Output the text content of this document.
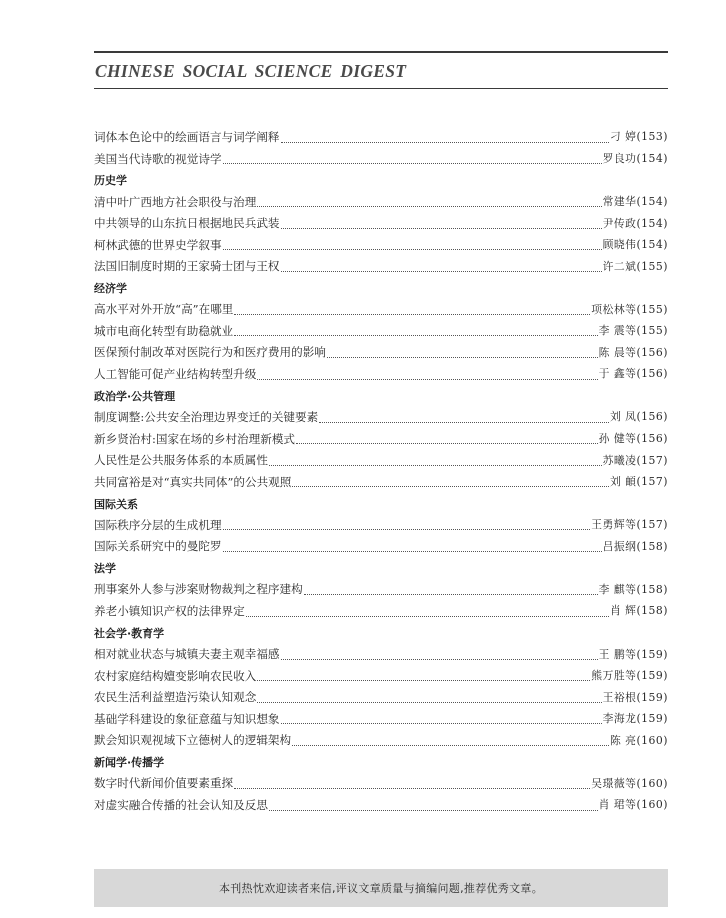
CHINESE SOCIAL SCIENCE DIGEST
词体本色论中的绘画语言与词学阐释	刁 婷(153)
美国当代诗歌的视觉诗学	罗良功(154)
历史学
清中叶广西地方社会职役与治理	常建华(154)
中共领导的山东抗日根据地民兵武装	尹传政(154)
柯林武德的世界史学叙事	顾晓伟(154)
法国旧制度时期的王家骑士团与王权	许二斌(155)
经济学
高水平对外开放“高”在哪里	项松林等(155)
城市电商化转型有助稳就业	李 震等(155)
医保预付制改革对医院行为和医疗费用的影响	陈 晨等(156)
人工智能可促产业结构转型升级	于 鑫等(156)
政治学·公共管理
制度调整:公共安全治理边界变迁的关键要素	刘 凤(156)
新乡贤治村:国家在场的乡村治理新模式	孙 健等(156)
人民性是公共服务体系的本质属性	苏曦凌(157)
共同富裕是对“真实共同体”的公共观照	刘 頔(157)
国际关系
国际秩序分层的生成机理	王勇辉等(157)
国际关系研究中的曼陀罗	吕振纲(158)
法学
刑事案外人参与涉案财物裁判之程序建构	李 麒等(158)
养老小镇知识产权的法律界定	肖 辉(158)
社会学·教育学
相对就业状态与城镇夫妻主观幸福感	王 鹏等(159)
农村家庭结构嬗变影响农民收入	熊万胜等(159)
农民生活利益塑造污染认知观念	王裕根(159)
基础学科建设的象征意蕴与知识想象	李海龙(159)
默会知识观视域下立德树人的逻辑架构	陈 亮(160)
新闻学·传播学
数字时代新闻价值要素重探	吴璟薇等(160)
对虚实融合传播的社会认知及反思	肖 珺等(160)
本刊热忱欢迎读者来信,评议文章质量与摘编问题,推荐优秀文章。
